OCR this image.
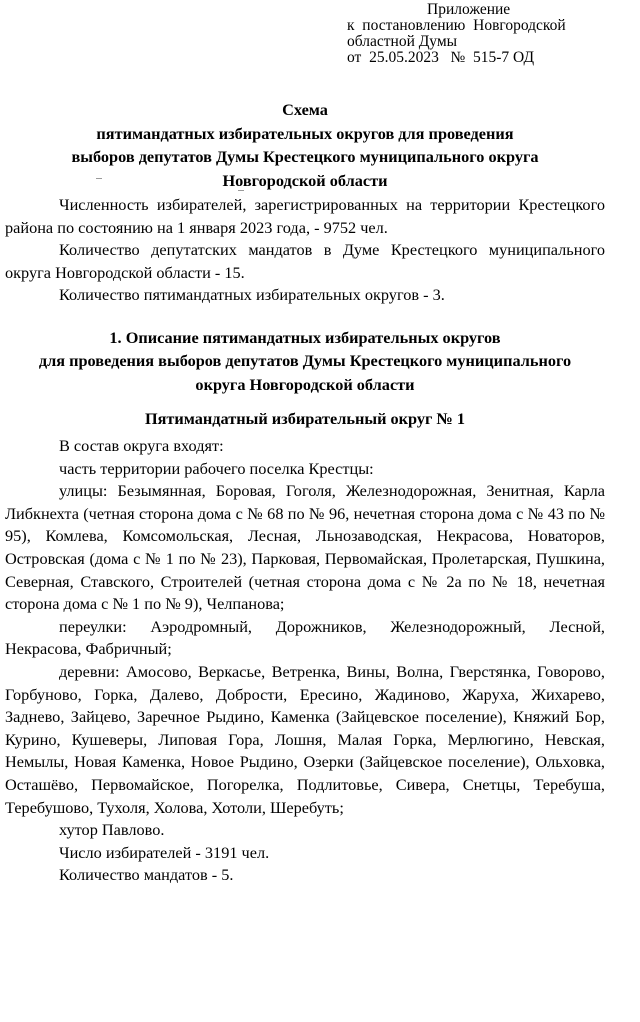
Приложение
к  постановлению  Новгородской
областной Думы
от  25.05.2023   №  515-7 ОД
Схема
пятимандатных избирательных округов для проведения
выборов депутатов Думы Крестецкого муниципального округа
Новгородской области

Численность избирателей, зарегистрированных на территории Крестецкого района по состоянию на 1 января 2023 года, - 9752 чел.

Количество депутатских мандатов в Думе Крестецкого муниципального округа Новгородской области - 15.

Количество пятимандатных избирательных округов - 3.

1. Описание пятимандатных избирательных округов
для проведения выборов депутатов Думы Крестецкого муниципального
округа Новгородской области
Пятимандатный избирательный округ № 1

В состав округа входят:

часть территории рабочего поселка Крестцы:

улицы: Безымянная, Боровая, Гоголя, Железнодорожная, Зенитная, Карла Либкнехта (четная сторона дома с № 68 по № 96, нечетная сторона дома с № 43 по № 95), Комлева, Комсомольская, Лесная, Льнозаводская, Некрасова, Новаторов, Островская (дома с № 1 по № 23), Парковая, Первомайская, Пролетарская, Пушкина, Северная, Ставского, Строителей (четная сторона дома с № 2а по № 18, нечетная сторона дома с № 1 по № 9), Челпанова;

переулки: Аэродромный, Дорожников, Железнодорожный, Лесной, Некрасова, Фабричный;

деревни: Амосово, Веркасье, Ветренка, Вины, Волна, Гверстянка, Говорово, Горбуново, Горка, Далево, Добрости, Ересино, Жадиново, Жаруха, Жихарево, Заднево, Зайцево, Заречное Рыдино, Каменка (Зайцевское поселение), Княжий Бор, Курино, Кушеверы, Липовая Гора, Лошня, Малая Горка, Мерлюгино, Невская, Немылы, Новая Каменка, Новое Рыдино, Озерки (Зайцевское поселение), Ольховка, Осташёво, Первомайское, Погорелка, Подлитовье, Сивера, Снетцы, Теребуша, Теребушово, Тухоля, Холова, Хотоли, Шеребуть;

хутор Павлово.

Число избирателей - 3191 чел.

Количество мандатов - 5.
